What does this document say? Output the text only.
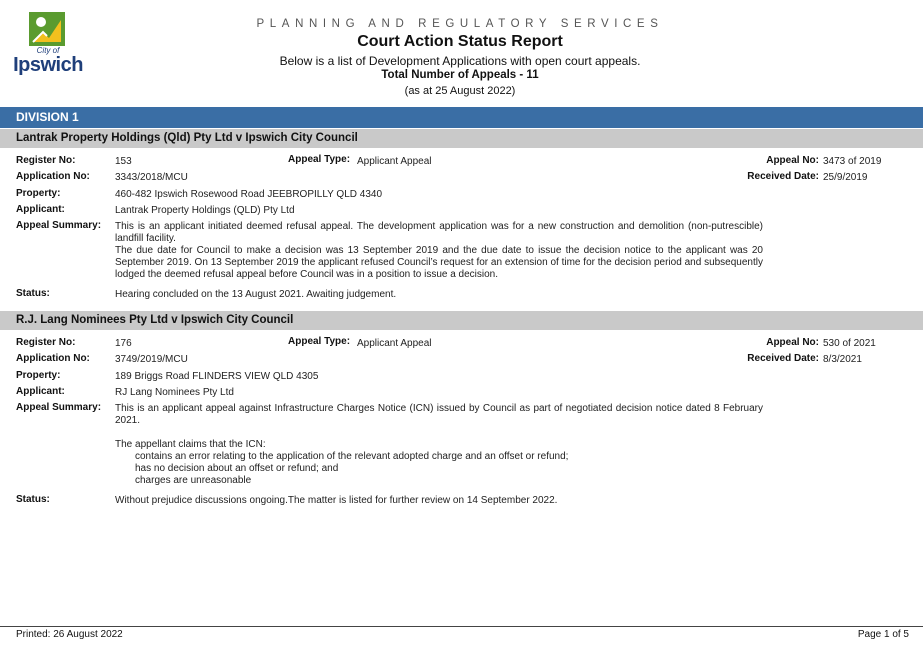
City of
Ipswich
PLANNING AND REGULATORY SERVICES
Court Action Status Report
Below is a list of Development Applications with open court appeals.
Total Number of Appeals - 11
(as at 25 August 2022)
DIVISION 1
Lantrak Property Holdings (Qld) Pty Ltd v Ipswich City Council
Register No:	153	Appeal Type: Applicant Appeal	Appeal No: 3473 of 2019
Application No:	3343/2018/MCU	Received Date: 25/9/2019
Property:	460-482 Ipswich Rosewood Road JEEBROPILLY QLD 4340
Applicant:	Lantrak Property Holdings (QLD) Pty Ltd
Appeal Summary: This is an applicant initiated deemed refusal appeal. The development application was for a new construction and demolition (non-putrescible) landfill facility.

The due date for Council to make a decision was 13 September 2019 and the due date to issue the decision notice to the applicant was 20 September 2019. On 13 September 2019 the applicant refused Council’s request for an extension of time for the decision period and subsequently lodged the deemed refusal appeal before Council was in a position to issue a decision.

Status:	Hearing concluded on the 13 August 2021. Awaiting judgement.
R.J. Lang Nominees Pty Ltd v Ipswich City Council
Register No:	176	Appeal Type: Applicant Appeal	Appeal No: 530 of 2021
Application No:	3749/2019/MCU	Received Date: 8/3/2021
Property:	189 Briggs Road FLINDERS VIEW QLD 4305
Applicant:	RJ Lang Nominees Pty Ltd
Appeal Summary: This is an applicant appeal against Infrastructure Charges Notice (ICN) issued by Council as part of negotiated decision notice dated 8 February 2021.

The appellant claims that the ICN:

contains an error relating to the application of the relevant adopted charge and an offset or refund;
has no decision about an offset or refund; and
charges are unreasonable
Status:	Without prejudice discussions ongoing.The matter is listed for further review on 14 September 2022.
Printed: 26 August 2022	Page 1 of 5
